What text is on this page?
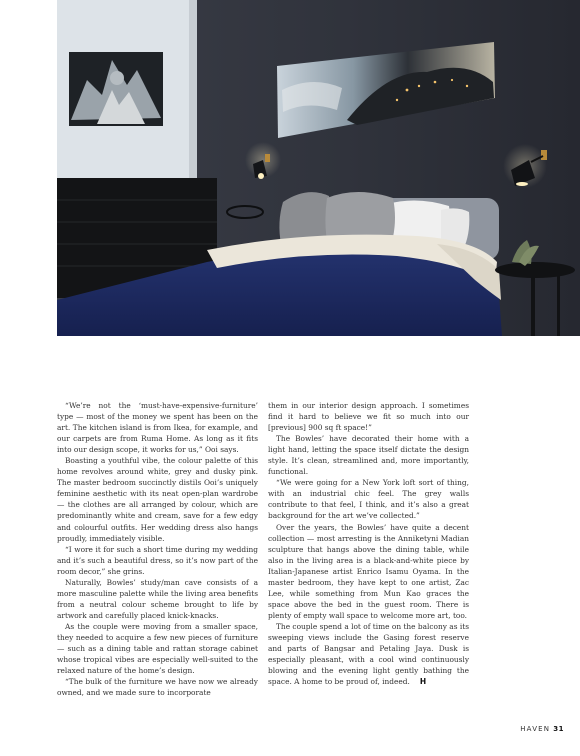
“We’re not the ‘must-have-expensive-furniture’ type — most of the money we spent has been on the art. The kitchen island is from Ikea, for example, and our carpets are from Ruma Home. As long as it fits into our design scope, it works for us,” Ooi says.

Boasting a youthful vibe, the colour palette of this home revolves around white, grey and dusky pink. The master bedroom succinctly distils Ooi’s uniquely feminine aesthetic with its neat open-plan wardrobe — the clothes are all arranged by colour, which are predominantly white and cream, save for a few edgy and colourful outfits. Her wedding dress also hangs proudly, immediately visible.

“I wore it for such a short time during my wedding and it’s such a beautiful dress, so it’s now part of the room decor,” she grins.

Naturally, Bowles’ study/man cave consists of a more masculine palette while the living area benefits from a neutral colour scheme brought to life by artwork and carefully placed knick-knacks.

As the couple were moving from a smaller space, they needed to acquire a few new pieces of furniture — such as a dining table and rattan storage cabinet whose tropical vibes are especially well-suited to the relaxed nature of the home’s design.

“The bulk of the furniture we have now we already owned, and we made sure to incorporate

them in our interior design approach. I sometimes find it hard to believe we fit so much into our [previous] 900 sq ft space!”

The Bowles’ have decorated their home with a light hand, letting the space itself dictate the design style. It’s clean, streamlined and, more importantly, functional.

“We were going for a New York loft sort of thing, with an industrial chic feel. The grey walls contribute to that feel, I think, and it’s also a great background for the art we’ve collected.”

Over the years, the Bowles’ have quite a decent collection — most arresting is the Anniketyni Madian sculpture that hangs above the dining table, while also in the living area is a black-and-white piece by Italian-Japanese artist Enrico Isamu Oyama. In the master bedroom, they have kept to one artist, Zac Lee, while something from Mun Kao graces the space above the bed in the guest room. There is plenty of empty wall space to welcome more art, too.

The couple spend a lot of time on the balcony as its sweeping views include the Gasing forest reserve and parts of Bangsar and Petaling Jaya. Dusk is especially pleasant, with a cool wind continuously blowing and the evening light gently bathing the space. A home to be proud of, indeed. H

HAVEN 31
